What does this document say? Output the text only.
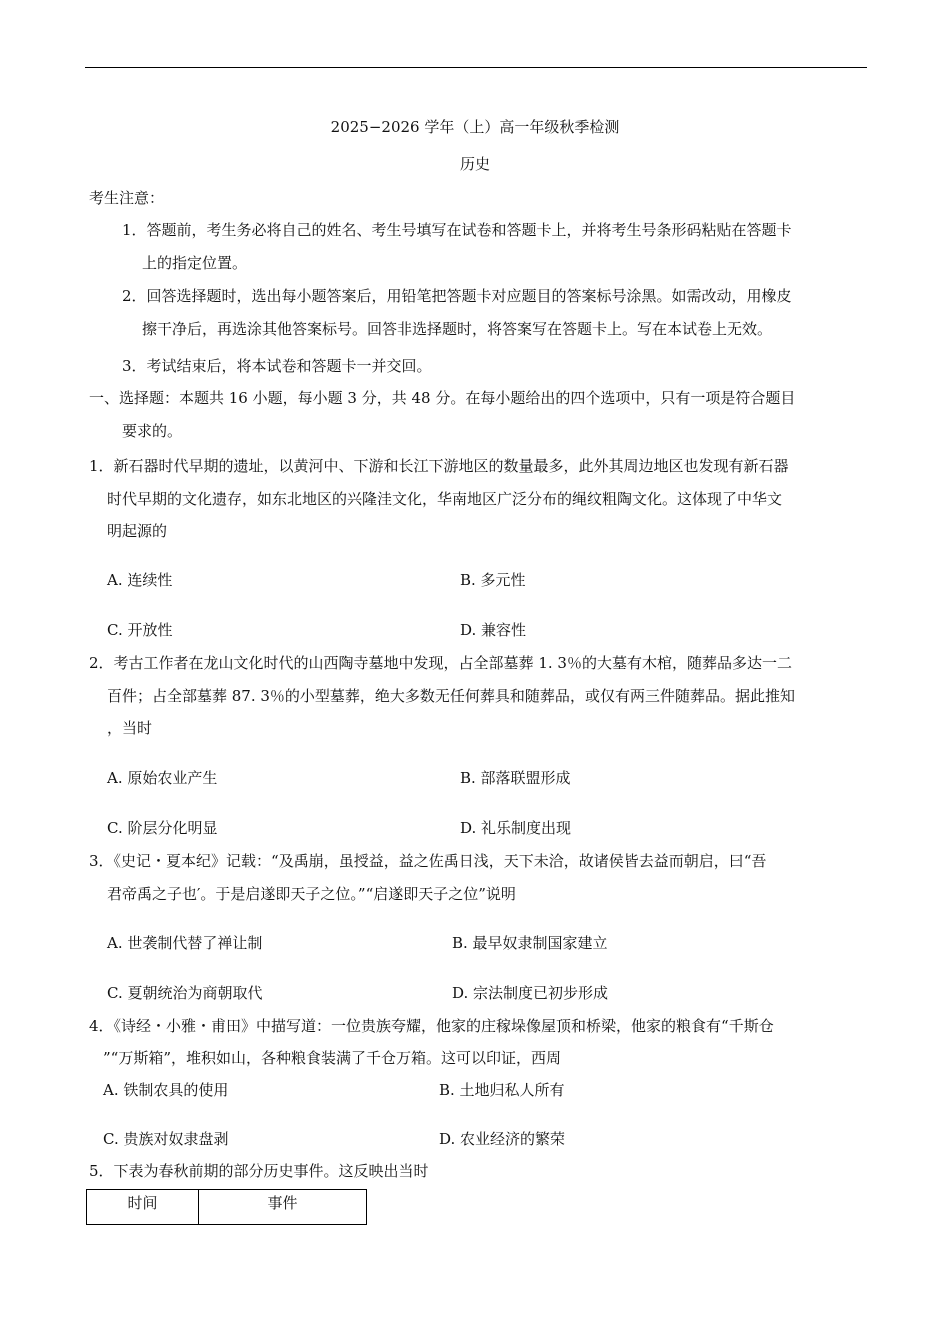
2025−2026 学年（上）高一年级秋季检测
历史
考生注意：
1．答题前，考生务必将自己的姓名、考生号填写在试卷和答题卡上，并将考生号条形码粘贴在答题卡
上的指定位置。
2．回答选择题时，选出每小题答案后，用铅笔把答题卡对应题目的答案标号涂黑。如需改动，用橡皮
擦干净后，再选涂其他答案标号。回答非选择题时，将答案写在答题卡上。写在本试卷上无效。
3．考试结束后，将本试卷和答题卡一并交回。
一、选择题：本题共 16 小题，每小题 3 分，共 48 分。在每小题给出的四个选项中，只有一项是符合题目
要求的。
1．新石器时代早期的遗址，以黄河中、下游和长江下游地区的数量最多，此外其周边地区也发现有新石器
时代早期的文化遗存，如东北地区的兴隆洼文化，华南地区广泛分布的绳纹粗陶文化。这体现了中华文
明起源的
A. 连续性	B. 多元性
C. 开放性	D. 兼容性
2．考古工作者在龙山文化时代的山西陶寺墓地中发现，占全部墓葬 1. 3％的大墓有木棺，随葬品多达一二
百件；占全部墓葬 87. 3％的小型墓葬，绝大多数无任何葬具和随葬品，或仅有两三件随葬品。据此推知
，当时
A. 原始农业产生	B. 部落联盟形成
C. 阶层分化明显	D. 礼乐制度出现
3．《史记・夏本纪》记载：“及禹崩，虽授益，益之佐禹日浅，天下未洽，故诸侯皆去益而朝启，曰“吾
君帝禹之子也′。于是启遂即天子之位。”“启遂即天子之位”说明
A. 世袭制代替了禅让制	B. 最早奴隶制国家建立
C. 夏朝统治为商朝取代	D. 宗法制度已初步形成
4．《诗经・小雅・甫田》中描写道：一位贵族夸耀，他家的庄稼垛像屋顶和桥梁，他家的粮食有“千斯仓
”“万斯箱”，堆积如山，各种粮食装满了千仓万箱。这可以印证，西周
A. 铁制农具的使用	B. 土地归私人所有
C. 贵族对奴隶盘剥	D. 农业经济的繁荣
5．下表为春秋前期的部分历史事件。这反映出当时
时间	事件
